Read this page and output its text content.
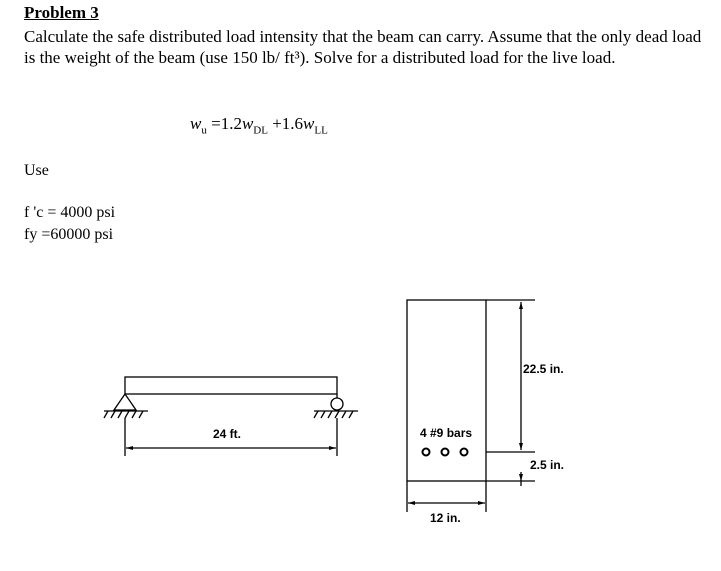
Problem 3
Calculate the safe distributed load intensity that the beam can carry. Assume that the only dead load is the weight of the beam (use 150 lb/ ft³). Solve for a distributed load for the live load.
$w_u =1.2w_{DL} +1.6w_{LL}$
Use
f 'c = 4000 psi
fy =60000 psi
24 ft.	4 #9 bars
22.5 in.
2.5 in.
12 in.
